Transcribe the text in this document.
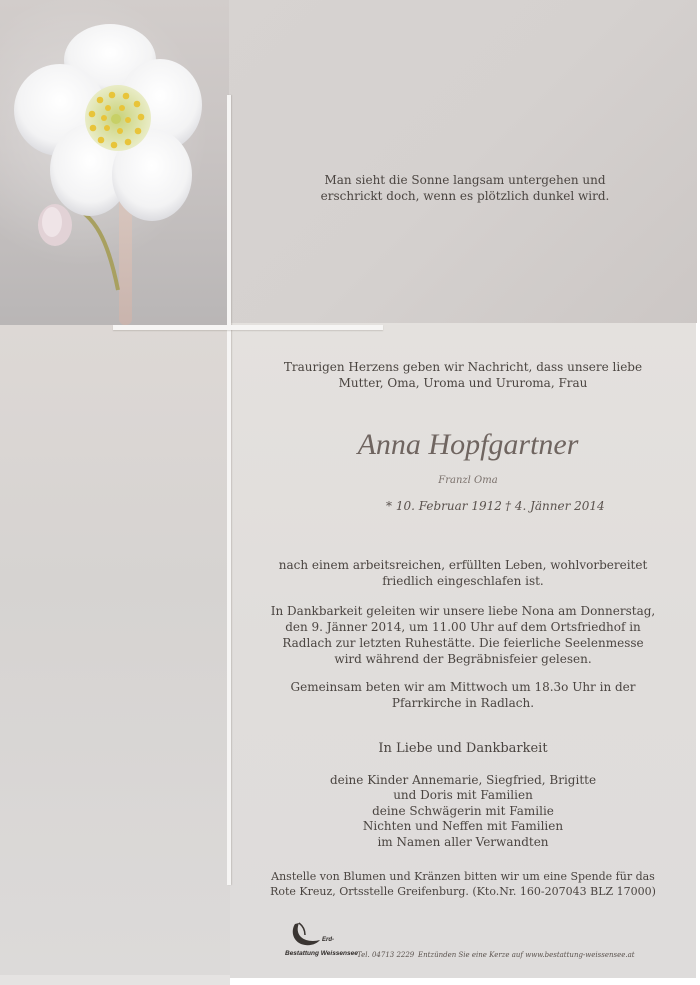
Man sieht die Sonne langsam untergehen und
erschrickt doch, wenn es plötzlich dunkel wird.
Traurigen Herzens geben wir Nachricht, dass unsere liebe
Mutter, Oma, Uroma und Ururoma, Frau
Anna Hopfgartner
Franzl Oma
* 10. Februar 1912 † 4. Jänner 2014
nach einem arbeitsreichen, erfüllten Leben, wohlvorbereitet
friedlich eingeschlafen ist.
In Dankbarkeit geleiten wir unsere liebe Nona am Donnerstag,
den 9. Jänner 2014, um 11.00 Uhr auf dem Ortsfriedhof in
Radlach zur letzten Ruhestätte. Die feierliche Seelenmesse
wird während der Begräbnisfeier gelesen.
Gemeinsam beten wir am Mittwoch um 18.3o Uhr in der
Pfarrkirche in Radlach.
In Liebe und Dankbarkeit
deine Kinder Annemarie, Siegfried, Brigitte
und Doris mit Familien
deine Schwägerin mit Familie
Nichten und Neffen mit Familien
im Namen aller Verwandten
Anstelle von Blumen und Kränzen bitten wir um eine Spende für das
Rote Kreuz, Ortsstelle Greifenburg. (Kto.Nr. 160-207043 BLZ 17000)
Erd-
Bestattung Weissensee Tel. 04713 2229 Entzünden Sie eine Kerze auf www.bestattung-weissensee.at
